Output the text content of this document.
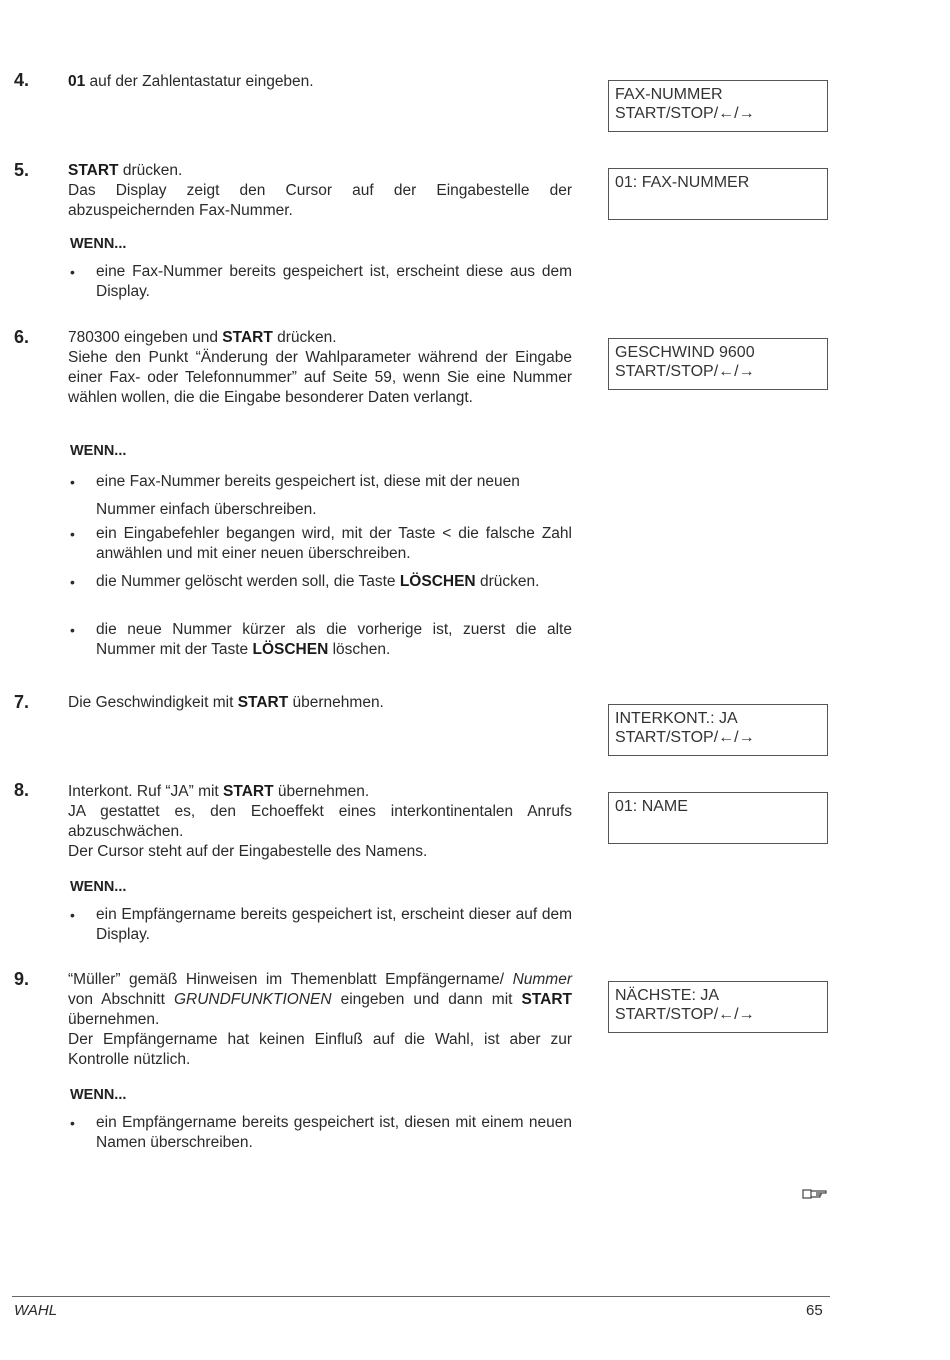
4.	01 auf der Zahlentastatur eingeben.

FAX-NUMMER
START/STOP/←/→
5.	START drücken.

Das Display zeigt den Cursor auf der Eingabestelle der abzuspeichernden Fax-Nummer.

WENN...
• eine Fax-Nummer bereits gespeichert ist, erscheint diese aus dem Display.
01: FAX-NUMMER
6.	780300 eingeben und START drücken.

Siehe den Punkt “Änderung der Wahlparameter während der Eingabe einer Fax- oder Telefonnummer” auf Seite 59, wenn Sie eine Nummer wählen wollen, die die Eingabe besonderer Daten verlangt.

WENN...
• eine Fax-Nummer bereits gespeichert ist, diese mit der neuen
Nummer einfach überschreiben.
• ein Eingabefehler begangen wird, mit der Taste < die falsche Zahl anwählen und mit einer neuen überschreiben.
• die Nummer gelöscht werden soll, die Taste LÖSCHEN drücken.
• die neue Nummer kürzer als die vorherige ist, zuerst die alte Nummer mit der Taste LÖSCHEN löschen.
GESCHWIND 9600
START/STOP/←/→
7.	Die Geschwindigkeit mit START übernehmen.

INTERKONT.: JA
START/STOP/←/→
8.	Interkont. Ruf “JA” mit START übernehmen.

JA gestattet es, den Echoeffekt eines interkontinentalen Anrufs abzuschwächen.

Der Cursor steht auf der Eingabestelle des Namens.

WENN...
• ein Empfängername bereits gespeichert ist, erscheint dieser auf dem Display.
01: NAME
9.	“Müller” gemäß Hinweisen im Themenblatt Empfängername/ Nummer von Abschnitt GRUNDFUNKTIONEN eingeben und dann mit START übernehmen.

Der Empfängername hat keinen Einfluß auf die Wahl, ist aber zur Kontrolle nützlich.

WENN...
• ein Empfängername bereits gespeichert ist, diesen mit einem neuen Namen überschreiben.
NÄCHSTE: JA
START/STOP/←/→
WAHL	65
